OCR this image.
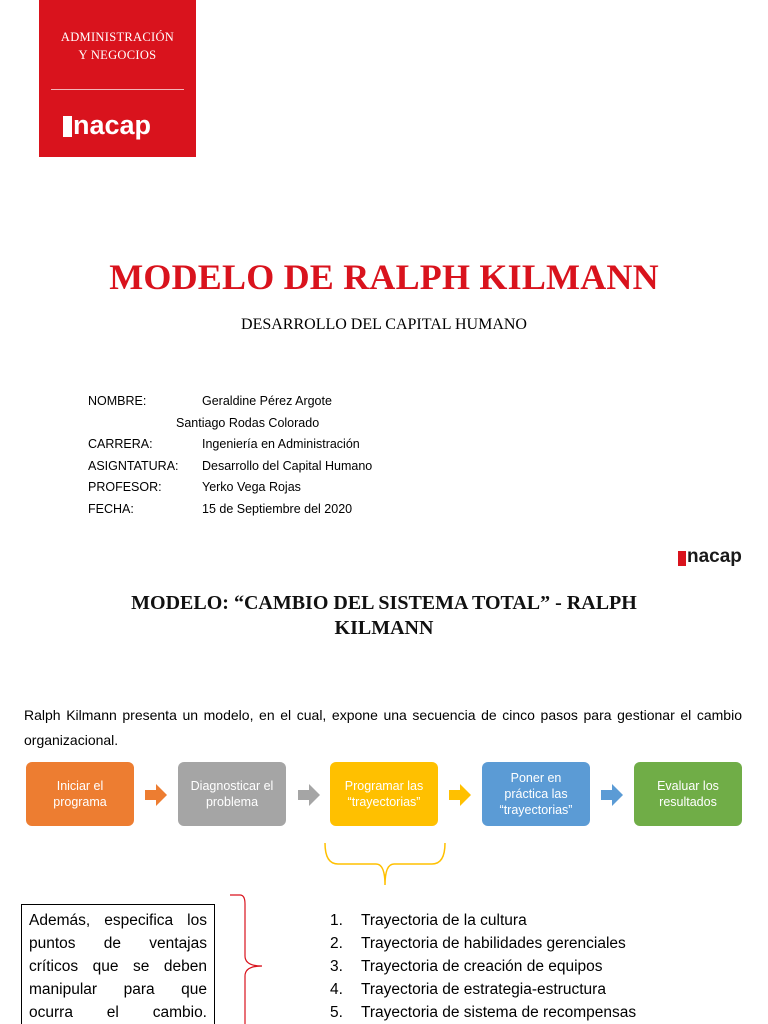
ADMINISTRACIÓN
Y NEGOCIOS
nacap
MODELO DE RALPH KILMANN
DESARROLLO DEL CAPITAL HUMANO
NOMBRE:	Geraldine Pérez Argote
Santiago Rodas Colorado
CARRERA:	Ingeniería en Administración
ASIGNTATURA: Desarrollo del Capital Humano
PROFESOR:	Yerko Vega Rojas
FECHA:	15 de Septiembre del 2020
nacap
MODELO: “CAMBIO DEL SISTEMA TOTAL” - RALPH
KILMANN
Ralph Kilmann presenta un modelo, en el cual, expone una secuencia de cinco pasos para gestionar el cambio organizacional.
Iniciar el programa
Diagnosticar el problema
Programar las “trayectorias”
Poner en práctica las “trayectorias”
Evaluar los resultados
Además, especifica los puntos de ventajas críticos que se deben manipular para que ocurra el cambio.
1.	Trayectoria de la cultura
2.	Trayectoria de habilidades gerenciales
3.	Trayectoria de creación de equipos
4.	Trayectoria de estrategia-estructura
5.	Trayectoria de sistema de recompensas
